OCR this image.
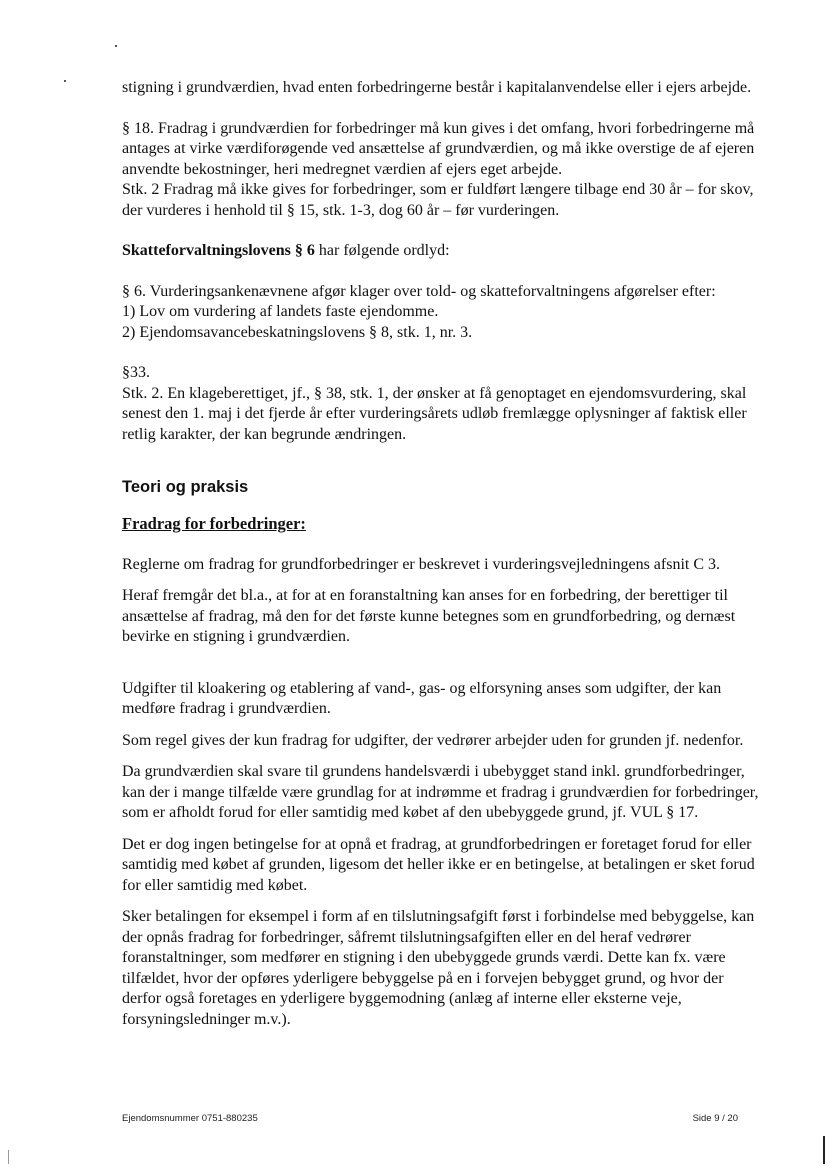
stigning i grundværdien, hvad enten forbedringerne består i kapitalanvendelse eller i ejers arbejde.

§ 18. Fradrag i grundværdien for forbedringer må kun gives i det omfang, hvori forbedringerne må antages at virke værdiforøgende ved ansættelse af grundværdien, og må ikke overstige de af ejeren anvendte bekostninger, heri medregnet værdien af ejers eget arbejde.

Stk. 2 Fradrag må ikke gives for forbedringer, som er fuldført længere tilbage end 30 år – for skov, der vurderes i henhold til § 15, stk. 1-3, dog 60 år – før vurderingen.

Skatteforvaltningslovens § 6 har følgende ordlyd:

§ 6. Vurderingsankenævnene afgør klager over told- og skatteforvaltningens afgørelser efter:

1) Lov om vurdering af landets faste ejendomme.

2) Ejendomsavancebeskatningslovens § 8, stk. 1, nr. 3.

§33.

Stk. 2. En klageberettiget, jf., § 38, stk. 1, der ønsker at få genoptaget en ejendomsvurdering, skal senest den 1. maj i det fjerde år efter vurderingsårets udløb fremlægge oplysninger af faktisk eller retlig karakter, der kan begrunde ændringen.

Teori og praksis

Fradrag for forbedringer:

Reglerne om fradrag for grundforbedringer er beskrevet i vurderingsvejledningens afsnit C 3.

Heraf fremgår det bl.a., at for at en foranstaltning kan anses for en forbedring, der berettiger til ansættelse af fradrag, må den for det første kunne betegnes som en grundforbedring, og dernæst bevirke en stigning i grundværdien.

Udgifter til kloakering og etablering af vand-, gas- og elforsyning anses som udgifter, der kan medføre fradrag i grundværdien.

Som regel gives der kun fradrag for udgifter, der vedrører arbejder uden for grunden jf. nedenfor.

Da grundværdien skal svare til grundens handelsværdi i ubebygget stand inkl. grundforbedringer, kan der i mange tilfælde være grundlag for at indrømme et fradrag i grundværdien for forbedringer, som er afholdt forud for eller samtidig med købet af den ubebyggede grund, jf. VUL § 17.

Det er dog ingen betingelse for at opnå et fradrag, at grundforbedringen er foretaget forud for eller samtidig med købet af grunden, ligesom det heller ikke er en betingelse, at betalingen er sket forud for eller samtidig med købet.

Sker betalingen for eksempel i form af en tilslutningsafgift først i forbindelse med bebyggelse, kan der opnås fradrag for forbedringer, såfremt tilslutningsafgiften eller en del heraf vedrører foranstaltninger, som medfører en stigning i den ubebyggede grunds værdi. Dette kan fx. være tilfældet, hvor der opføres yderligere bebyggelse på en i forvejen bebygget grund, og hvor der derfor også foretages en yderligere byggemodning (anlæg af interne eller eksterne veje, forsyningsledninger m.v.).

Ejendomsnummer 0751-880235	Side 9 / 20
